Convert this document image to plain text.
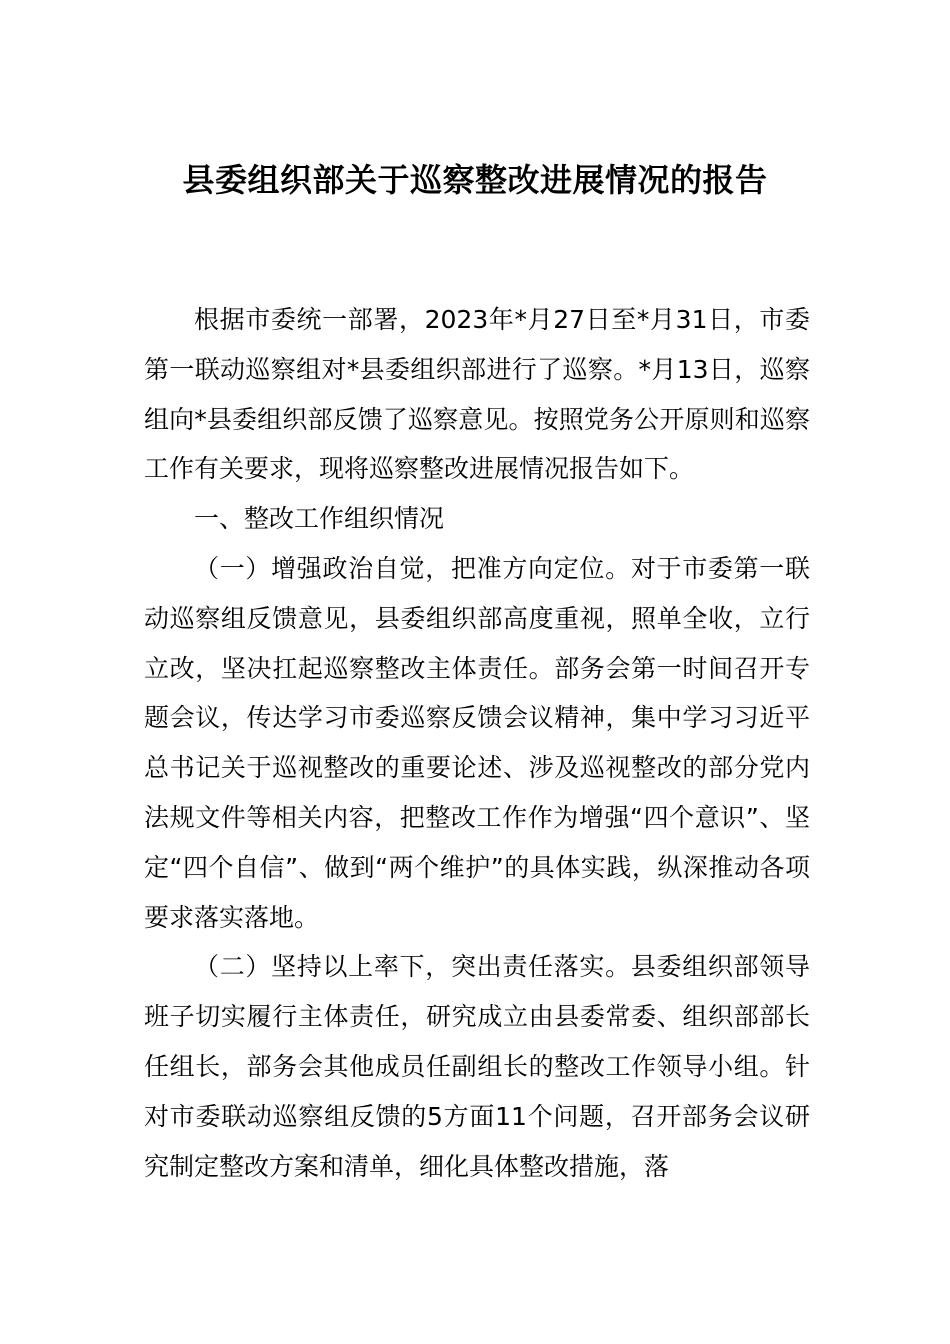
县委组织部关于巡察整改进展情况的报告

根据市委统一部署，2023年*月27日至*月31日，市委第一联动巡察组对*县委组织部进行了巡察。*月13日，巡察组向*县委组织部反馈了巡察意见。按照党务公开原则和巡察工作有关要求，现将巡察整改进展情况报告如下。

一、整改工作组织情况

（一）增强政治自觉，把准方向定位。对于市委第一联动巡察组反馈意见，县委组织部高度重视，照单全收，立行立改，坚决扛起巡察整改主体责任。部务会第一时间召开专题会议，传达学习市委巡察反馈会议精神，集中学习习近平总书记关于巡视整改的重要论述、涉及巡视整改的部分党内法规文件等相关内容，把整改工作作为增强“四个意识”、坚定“四个自信”、做到“两个维护”的具体实践，纵深推动各项要求落实落地。

（二）坚持以上率下，突出责任落实。县委组织部领导班子切实履行主体责任，研究成立由县委常委、组织部部长任组长，部务会其他成员任副组长的整改工作领导小组。针对市委联动巡察组反馈的5方面11个问题，召开部务会议研究制定整改方案和清单，细化具体整改措施，落
